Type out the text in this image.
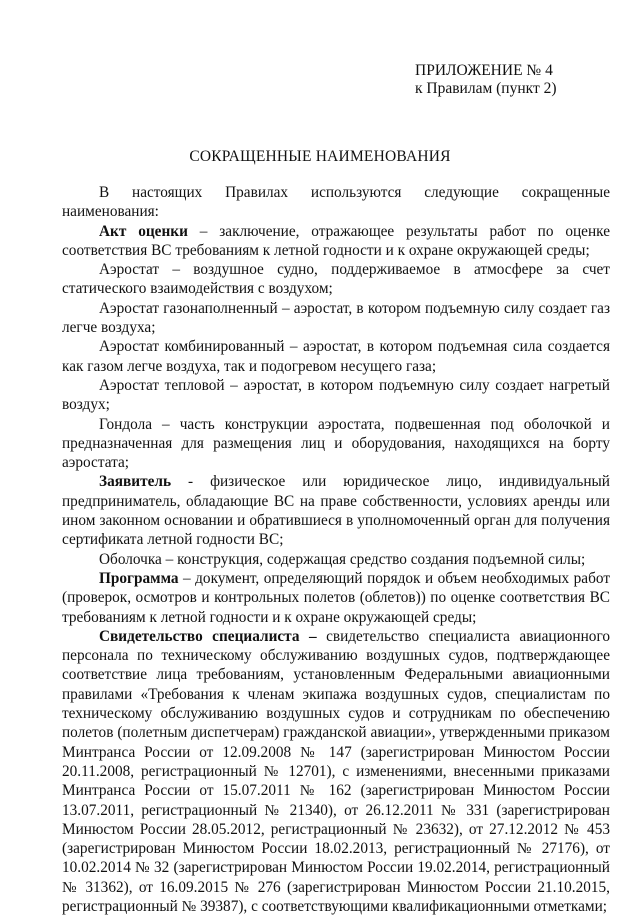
ПРИЛОЖЕНИЕ № 4
к Правилам (пункт 2)
СОКРАЩЕННЫЕ НАИМЕНОВАНИЯ

В настоящих Правилах используются следующие сокращенные наименования:

Акт оценки – заключение, отражающее результаты работ по оценке соответствия ВС требованиям к летной годности и к охране окружающей среды;

Аэростат – воздушное судно, поддерживаемое в атмосфере за счет статического взаимодействия с воздухом;

Аэростат газонаполненный – аэростат, в котором подъемную силу создает газ легче воздуха;

Аэростат комбинированный – аэростат, в котором подъемная сила создается как газом легче воздуха, так и подогревом несущего газа;

Аэростат тепловой – аэростат, в котором подъемную силу создает нагретый воздух;

Гондола – часть конструкции аэростата, подвешенная под оболочкой и предназначенная для размещения лиц и оборудования, находящихся на борту аэростата;

Заявитель - физическое или юридическое лицо, индивидуальный предприниматель, обладающие ВС на праве собственности, условиях аренды или ином законном основании и обратившиеся в уполномоченный орган для получения сертификата летной годности ВС;

Оболочка – конструкция, содержащая средство создания подъемной силы;

Программа – документ, определяющий порядок и объем необходимых работ (проверок, осмотров и контрольных полетов (облетов)) по оценке соответствия ВС требованиям к летной годности и к охране окружающей среды;

Свидетельство специалиста – свидетельство специалиста авиационного персонала по техническому обслуживанию воздушных судов, подтверждающее соответствие лица требованиям, установленным Федеральными авиационными правилами «Требования к членам экипажа воздушных судов, специалистам по техническому обслуживанию воздушных судов и сотрудникам по обеспечению полетов (полетным диспетчерам) гражданской авиации», утвержденными приказом Минтранса России от 12.09.2008 № 147 (зарегистрирован Минюстом России 20.11.2008, регистрационный № 12701), с изменениями, внесенными приказами Минтранса России от 15.07.2011 № 162 (зарегистрирован Минюстом России 13.07.2011, регистрационный № 21340), от 26.12.2011 № 331 (зарегистрирован Минюстом России 28.05.2012, регистрационный № 23632), от 27.12.2012 № 453 (зарегистрирован Минюстом России 18.02.2013, регистрационный № 27176), от 10.02.2014 № 32 (зарегистрирован Минюстом России 19.02.2014, регистрационный № 31362), от 16.09.2015 № 276 (зарегистрирован Минюстом России 21.10.2015, регистрационный № 39387), с соответствующими квалификационными отметками;
